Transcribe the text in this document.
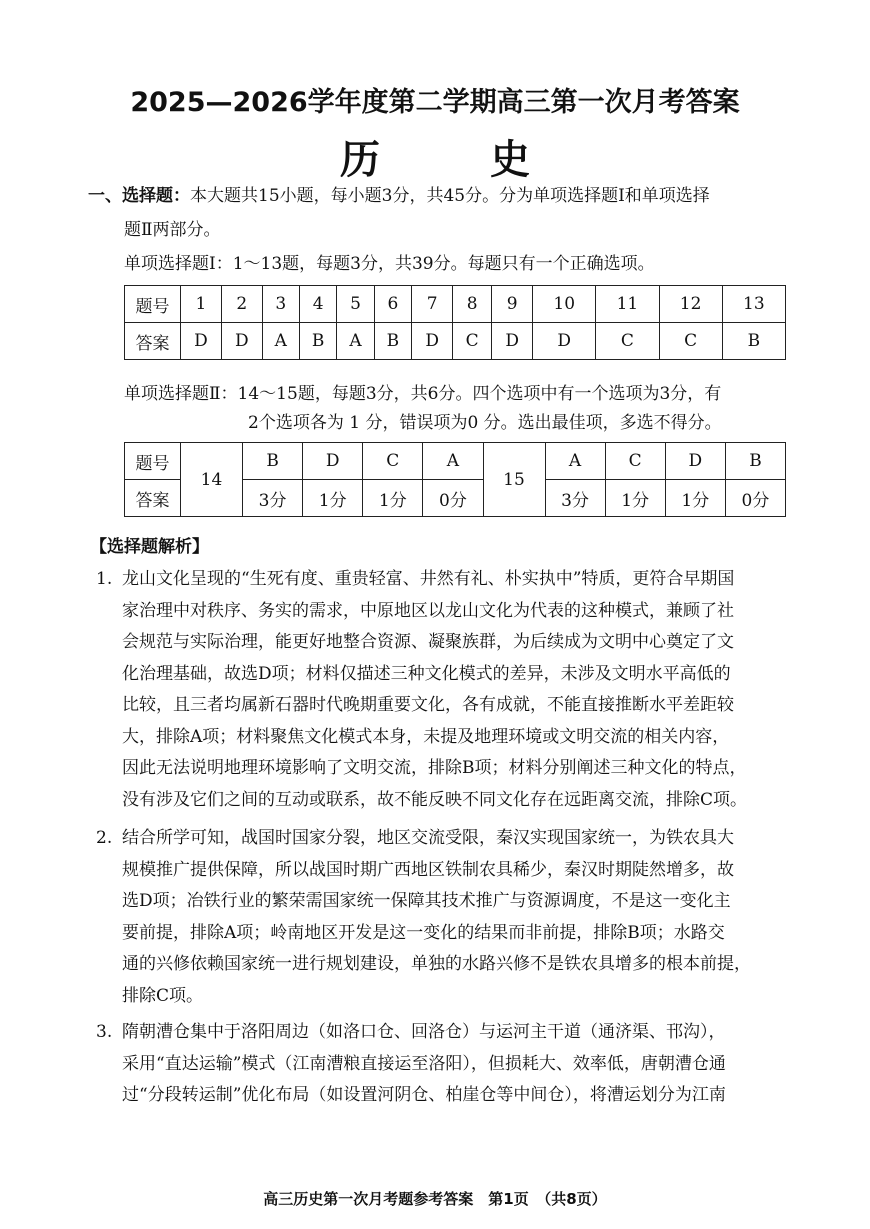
2025—2026学年度第二学期高三第一次月考答案
历 史
一、选择题：本大题共15小题，每小题3分，共45分。分为单项选择题Ⅰ和单项选择
题Ⅱ两部分。
单项选择题Ⅰ：1～13题，每题3分，共39分。每题只有一个正确选项。
题号	1	2	3	4	5	6	7	8	9	10	11	12	13
答案	D	D	A	B	A	B	D	C	D	D	C	C	B
单项选择题Ⅱ：14～15题，每题3分，共6分。四个选项中有一个选项为3分，有
2个选项各为 1 分，错误项为0 分。选出最佳项，多选不得分。
题号	14	B	D	C	A	15	A	C	D	B
答案		3分	1分	1分	0分		3分	1分	1分	0分
【选择题解析】
1. 龙山文化呈现的“生死有度、重贵轻富、井然有礼、朴实执中”特质，更符合早期国
家治理中对秩序、务实的需求，中原地区以龙山文化为代表的这种模式，兼顾了社
会规范与实际治理，能更好地整合资源、凝聚族群，为后续成为文明中心奠定了文
化治理基础，故选D项；材料仅描述三种文化模式的差异，未涉及文明水平高低的
比较，且三者均属新石器时代晚期重要文化，各有成就，不能直接推断水平差距较
大，排除A项；材料聚焦文化模式本身，未提及地理环境或文明交流的相关内容，
因此无法说明地理环境影响了文明交流，排除B项；材料分别阐述三种文化的特点，
没有涉及它们之间的互动或联系，故不能反映不同文化存在远距离交流，排除C项。
2. 结合所学可知，战国时国家分裂，地区交流受限，秦汉实现国家统一，为铁农具大
规模推广提供保障，所以战国时期广西地区铁制农具稀少，秦汉时期陡然增多，故
选D项；冶铁行业的繁荣需国家统一保障其技术推广与资源调度，不是这一变化主
要前提，排除A项；岭南地区开发是这一变化的结果而非前提，排除B项；水路交
通的兴修依赖国家统一进行规划建设，单独的水路兴修不是铁农具增多的根本前提，
排除C项。
3. 隋朝漕仓集中于洛阳周边（如洛口仓、回洛仓）与运河主干道（通济渠、邗沟），
采用“直达运输”模式（江南漕粮直接运至洛阳），但损耗大、效率低，唐朝漕仓通
过“分段转运制”优化布局（如设置河阴仓、柏崖仓等中间仓），将漕运划分为江南
高三历史第一次月考题参考答案　第1页　（共8页）
